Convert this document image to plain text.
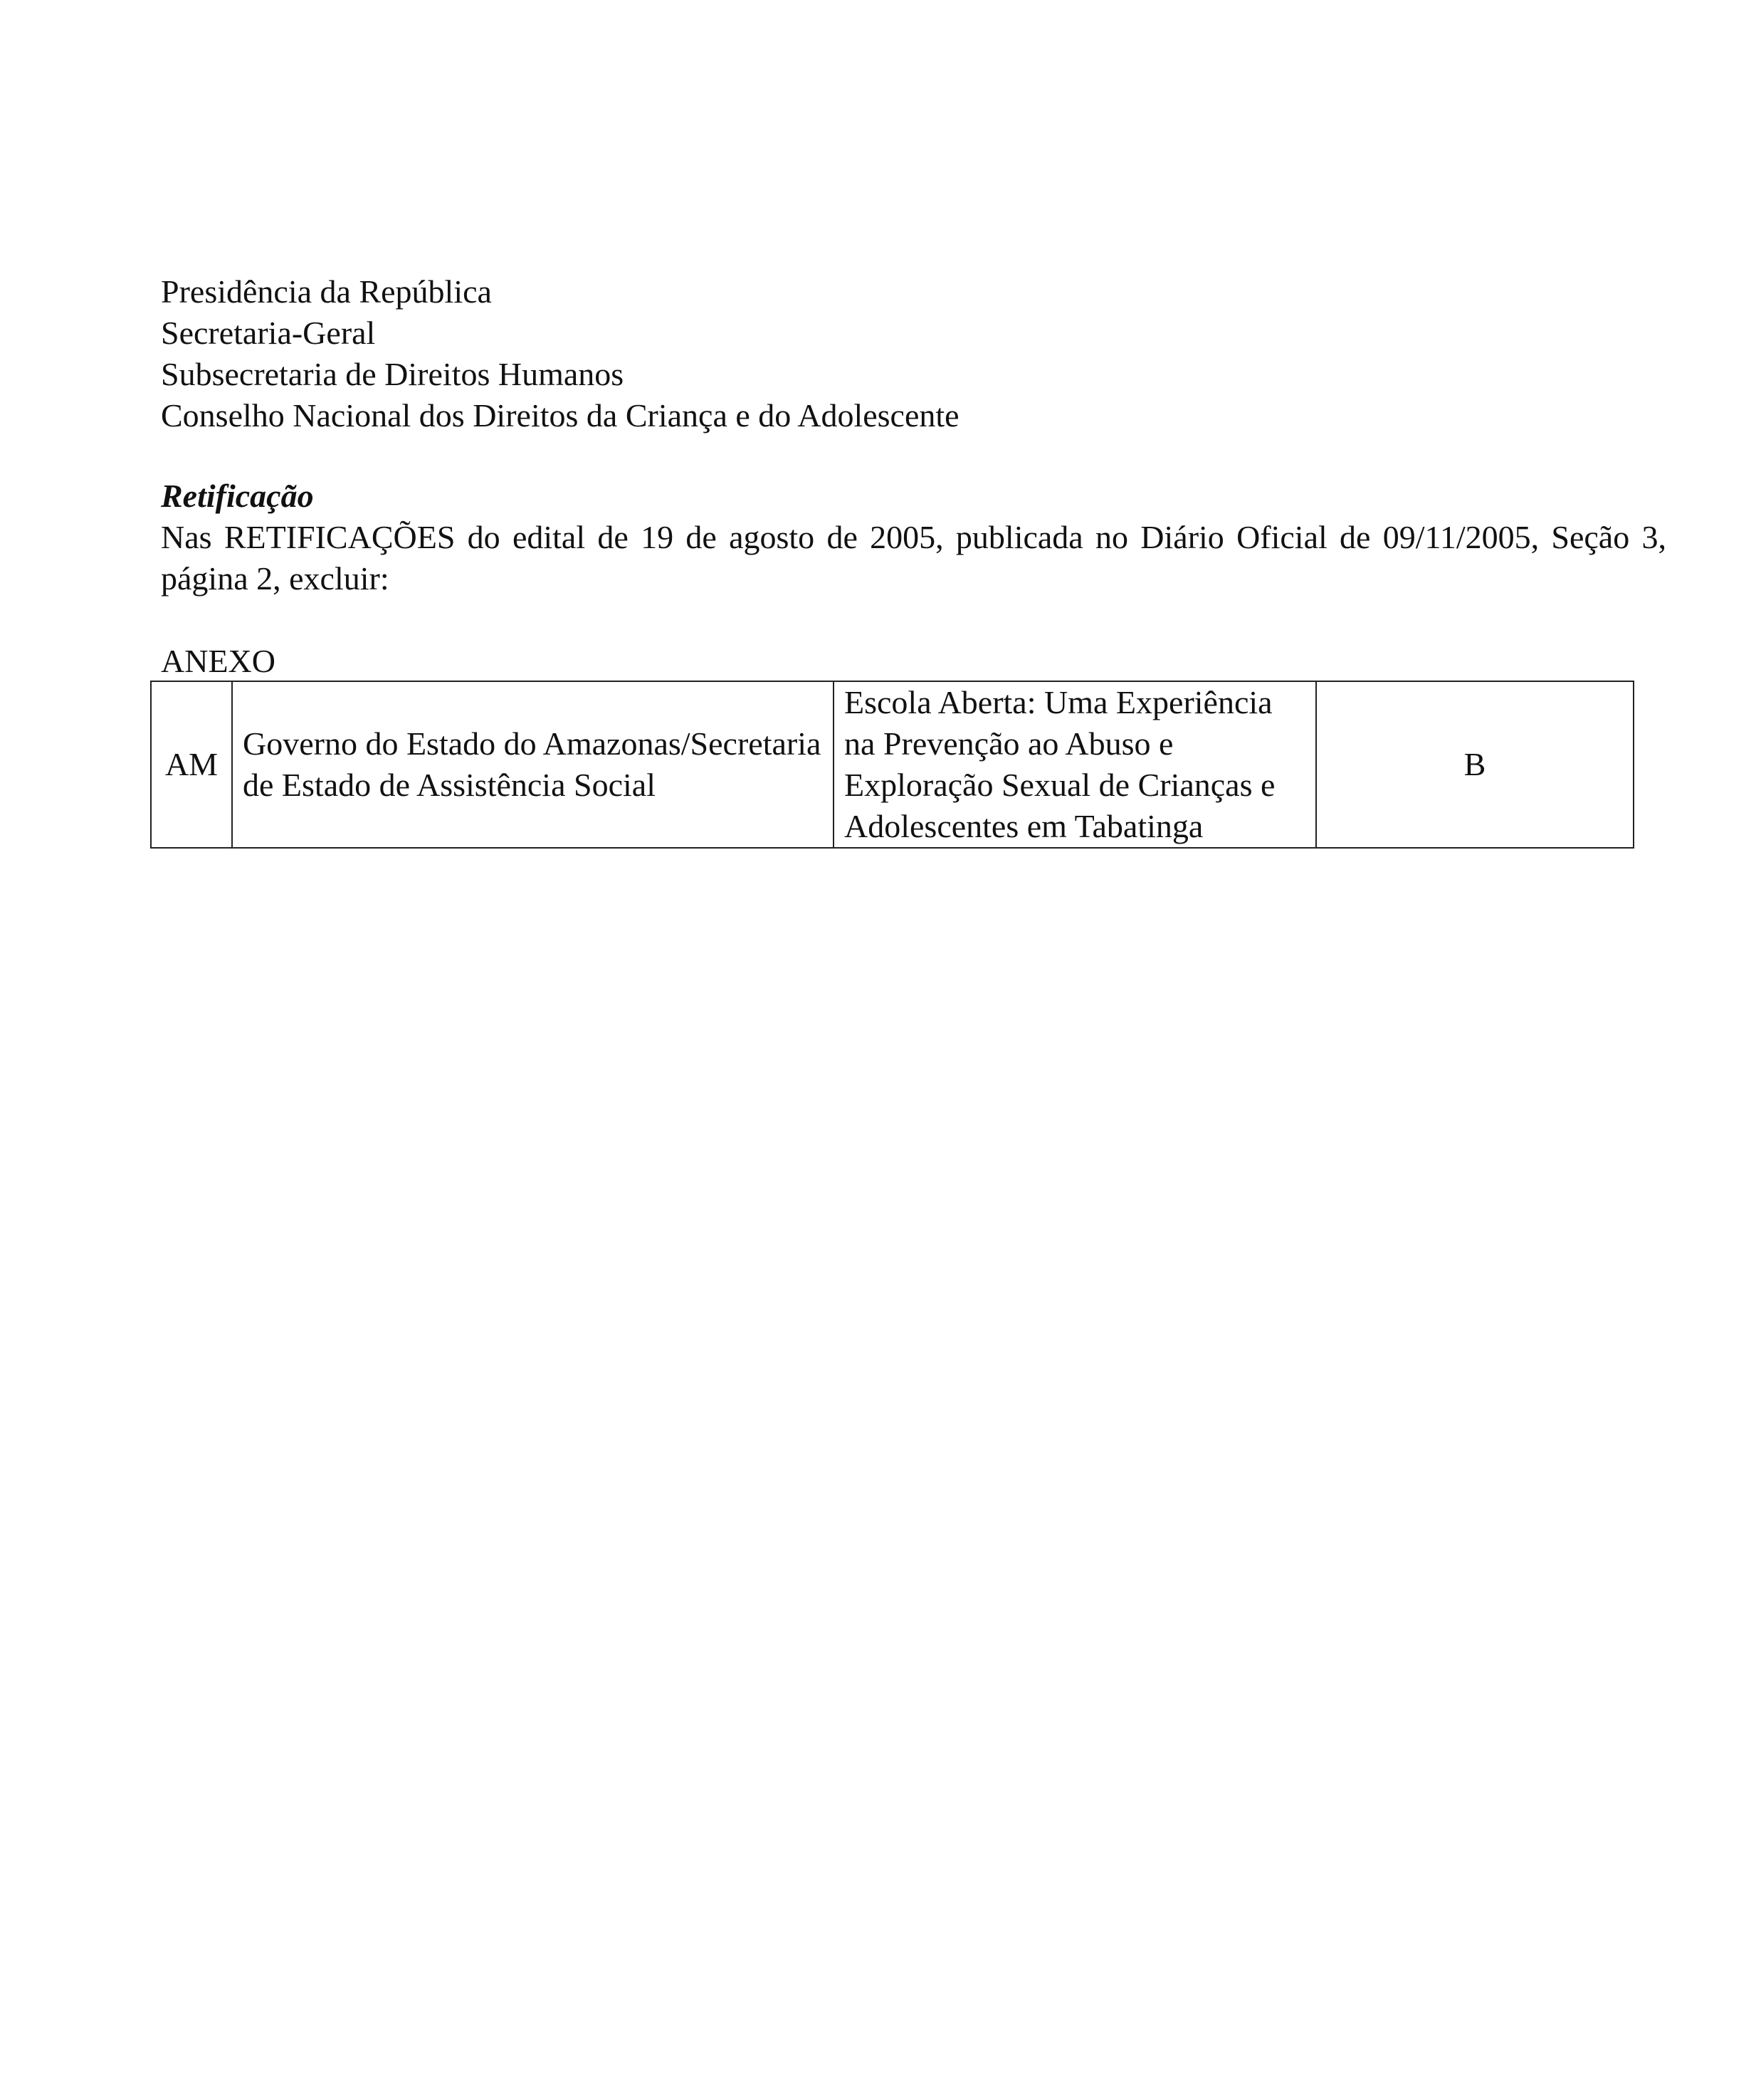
Presidência da República
Secretaria-Geral
Subsecretaria de Direitos Humanos
Conselho Nacional dos Direitos da Criança e do Adolescente
Retificação
Nas RETIFICAÇÕES do edital de 19 de agosto de 2005, publicada no Diário Oficial de 09/11/2005, Seção 3, página 2, excluir:
ANEXO
AM	Governo do Estado do Amazonas/Secretaria de Estado de Assistência Social	Escola Aberta: Uma Experiência na Prevenção ao Abuso e Exploração Sexual de Crianças e Adolescentes em Tabatinga	B
